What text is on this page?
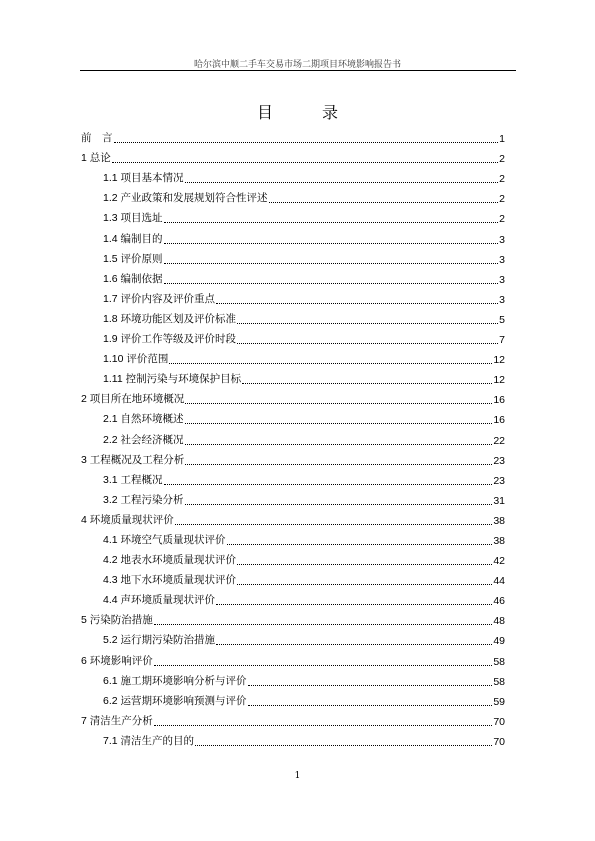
哈尔滨中顺二手车交易市场二期项目环境影响报告书
目 录
前　言	1
1 总论	2
1.1 项目基本情况	2
1.2 产业政策和发展规划符合性评述	2
1.3 项目选址	2
1.4 编制目的	3
1.5 评价原则	3
1.6 编制依据	3
1.7 评价内容及评价重点	3
1.8 环境功能区划及评价标准	5
1.9 评价工作等级及评价时段	7
1.10 评价范围	12
1.11 控制污染与环境保护目标	12
2 项目所在地环境概况	16
2.1 自然环境概述	16
2.2 社会经济概况	22
3 工程概况及工程分析	23
3.1 工程概况	23
3.2 工程污染分析	31
4 环境质量现状评价	38
4.1 环境空气质量现状评价	38
4.2 地表水环境质量现状评价	42
4.3 地下水环境质量现状评价	44
4.4 声环境质量现状评价	46
5 污染防治措施	48
5.2 运行期污染防治措施	49
6 环境影响评价	58
6.1 施工期环境影响分析与评价	58
6.2 运营期环境影响预测与评价	59
7 清洁生产分析	70
7.1 清洁生产的目的	70
1
